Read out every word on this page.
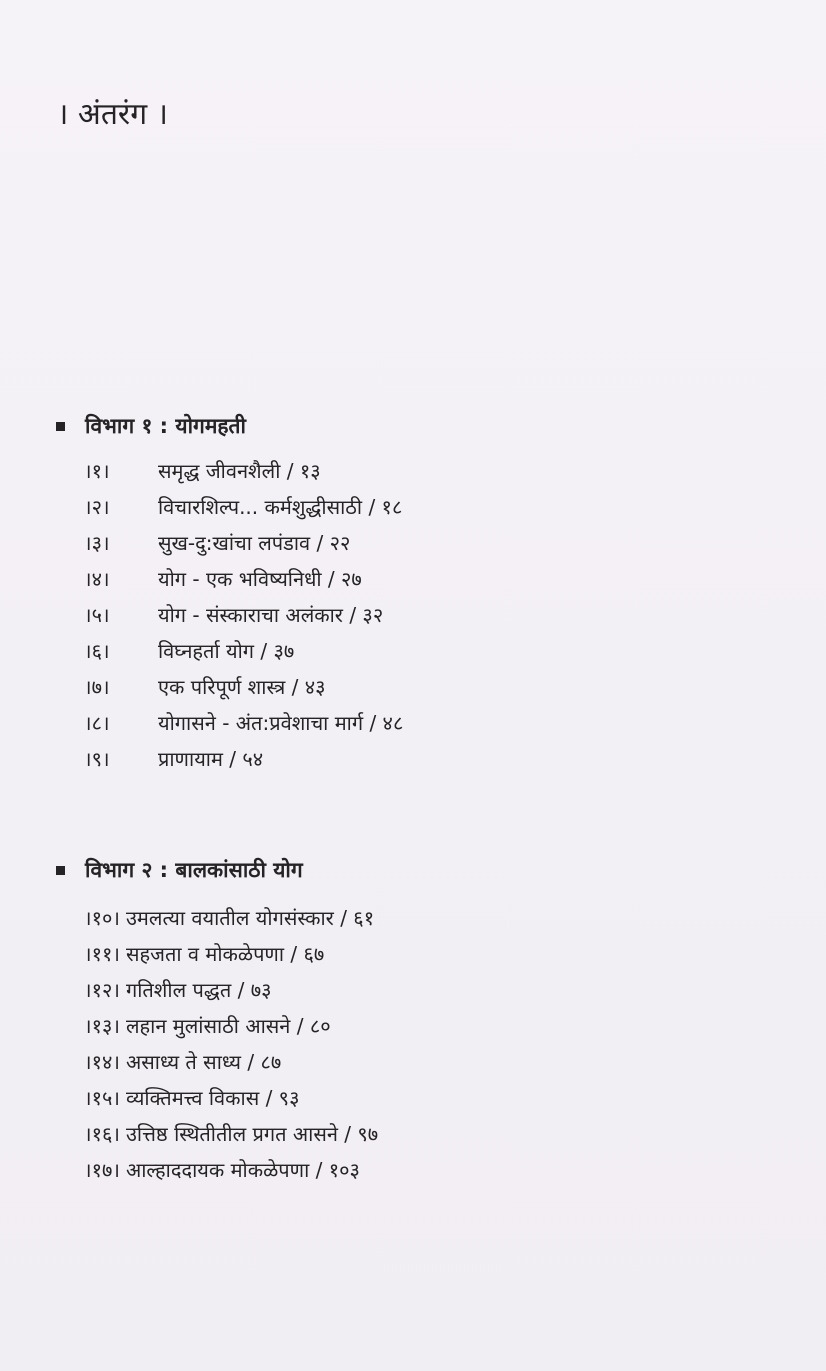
। अंतरंग ।
विभाग १ : योगमहती
।१।	समृद्ध जीवनशैली / १३
।२।	विचारशिल्प... कर्मशुद्धीसाठी / १८
।३।	सुख-दु:खांचा लपंडाव / २२
।४।	योग - एक भविष्यनिधी / २७
।५।	योग - संस्काराचा अलंकार / ३२
।६।	विघ्नहर्ता योग / ३७
।७।	एक परिपूर्ण शास्त्र / ४३
।८।	योगासने - अंत:प्रवेशाचा मार्ग / ४८
।९।	प्राणायाम / ५४
विभाग २ : बालकांसाठी योग
।१०। उमलत्या वयातील योगसंस्कार / ६१
।११। सहजता व मोकळेपणा / ६७
।१२। गतिशील पद्धत / ७३
।१३। लहान मुलांसाठी आसने / ८०
।१४। असाध्य ते साध्य / ८७
।१५। व्यक्तिमत्त्व विकास / ९३
।१६। उत्तिष्ठ स्थितीतील प्रगत आसने / ९७
।१७। आल्हाददायक मोकळेपणा / १०३
